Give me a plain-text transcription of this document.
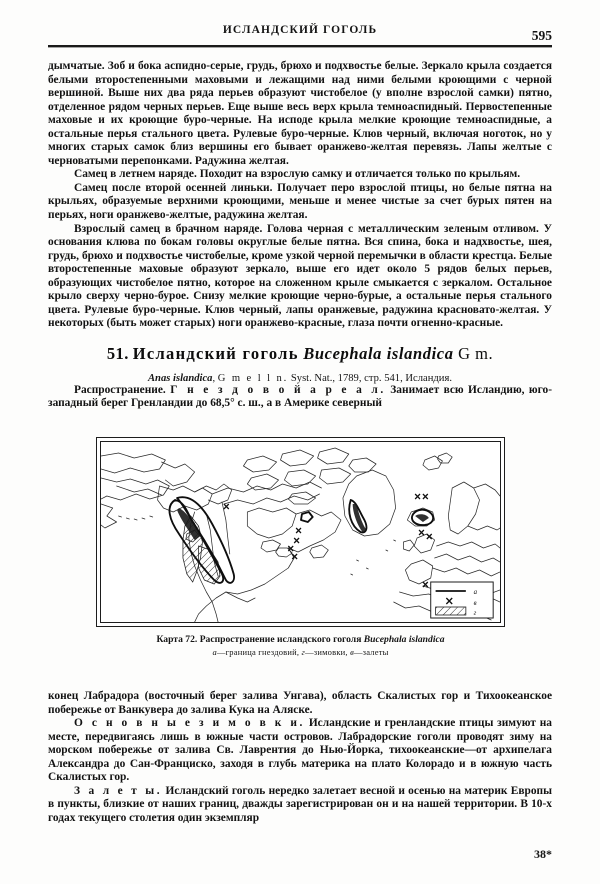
ИСЛАНДСКИЙ ГОГОЛЬ	595

дымчатые. Зоб и бока аспидно-серые, грудь, брюхо и подхвостье белые. Зеркало крыла создается белыми второстепенными маховыми и лежащими над ними белыми кроющими с черной вершиной. Выше них два ряда перьев образуют чистобелое (у вполне взрослой самки) пятно, отделенное рядом черных перьев. Еще выше весь верх крыла темноаспидный. Первостепенные маховые и их кроющие буро-черные. На исподе крыла мелкие кроющие темноаспидные, а остальные перья стального цвета. Рулевые буро-черные. Клюв черный, включая ноготок, но у многих старых самок близ вершины его бывает оранжево-желтая перевязь. Лапы желтые с черноватыми перепонками. Радужина желтая.

Самец в летнем наряде. Походит на взрослую самку и отличается только по крыльям.

Самец после второй осенней линьки. Получает перо взрослой птицы, но белые пятна на крыльях, образуемые верхними кроющими, меньше и менее чистые за счет бурых пятен на перьях, ноги оранжево-желтые, радужина желтая.

Взрослый самец в брачном наряде. Голова черная с металлическим зеленым отливом. У основания клюва по бокам головы округлые белые пятна. Вся спина, бока и надхвостье, шея, грудь, брюхо и подхвостье чистобелые, кроме узкой черной перемычки в области крестца. Белые второстепенные маховые образуют зеркало, выше его идет около 5 рядов белых перьев, образующих чистобелое пятно, которое на сложенном крыле смыкается с зеркалом. Остальное крыло сверху черно-бурое. Снизу мелкие кроющие черно-бурые, а остальные перья стального цвета. Рулевые буро-черные. Клюв черный, лапы оранжевые, радужина красновато-желтая. У некоторых (быть может старых) ноги оранжево-красные, глаза почти огненно-красные.

51. Исландский гоголь Bucephala islandica G m.
Anas islandica, G m e l l n. Syst. Nat., 1789, стр. 541, Исландия.

Распространение. Г н е з д о в о й а р е а л. Занимает всю Исландию, юго-западный берег Гренландии до 68,5° с. ш., а в Америке северный

а
в
г
Карта 72. Распространение исландского гоголя Bucephala islandica
а—граница гнездовий, г—зимовки, в—залеты

конец Лабрадора (восточный берег залива Унгава), область Скалистых гор и Тихоокеанское побережье от Ванкувера до залива Кука на Аляске.

О с н о в н ы е з и м о в к и. Исландские и гренландские птицы зимуют на месте, передвигаясь лишь в южные части островов. Лабрадорские гоголи проводят зиму на морском побережье от залива Св. Лаврентия до Нью-Йорка, тихоокеанские—от архипелага Александра до Сан-Франциско, заходя в глубь материка на плато Колорадо и в южную часть Скалистых гор.

З а л е т ы. Исландский гоголь нередко залетает весной и осенью на материк Европы в пункты, близкие от наших границ, дважды зарегистрирован он и на нашей территории. В 10-х годах текущего столетия один экземпляр

38*
